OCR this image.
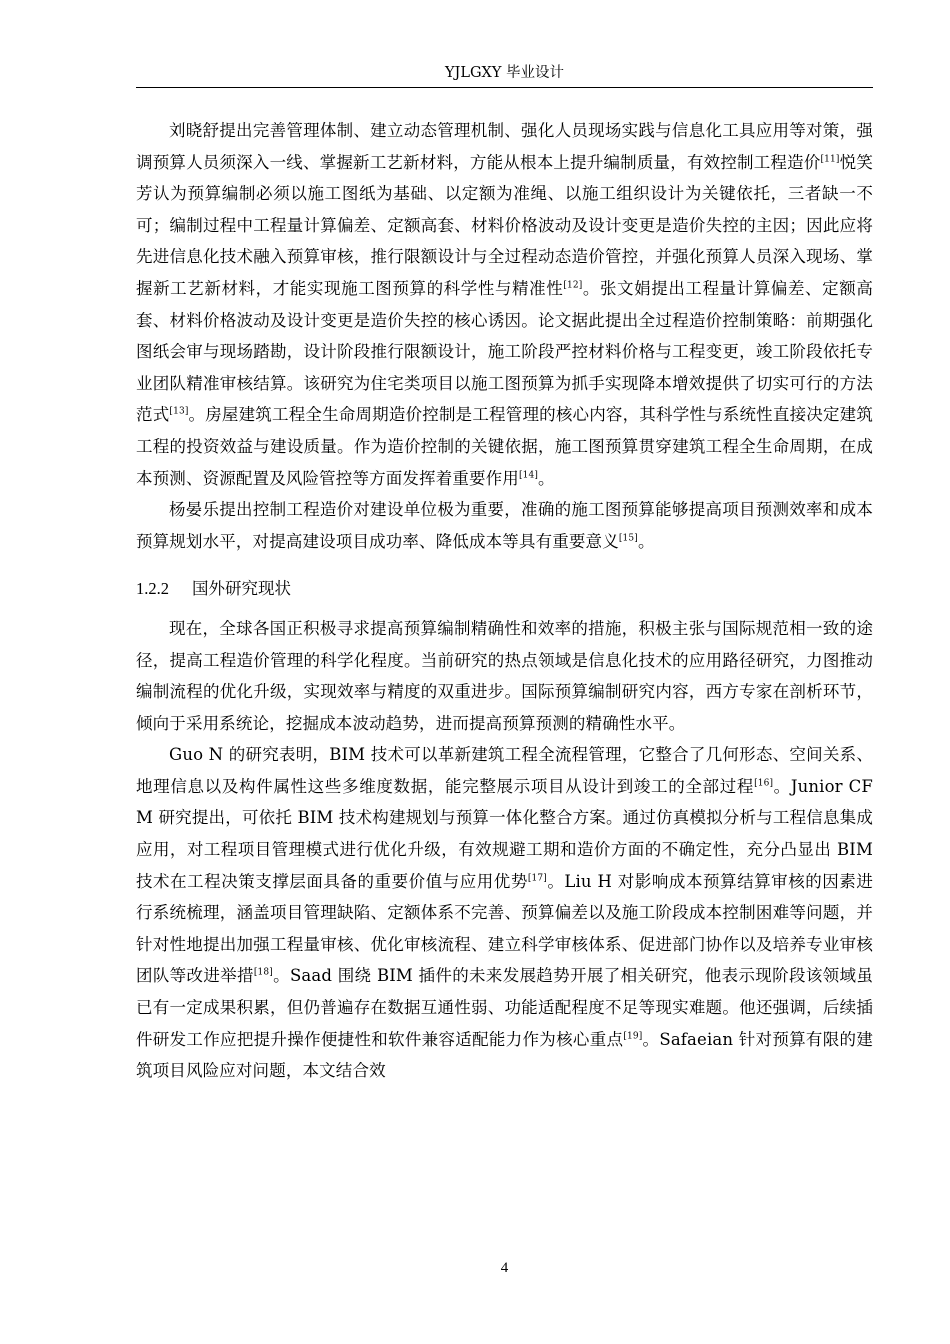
YJLGXY 毕业设计

刘晓舒提出完善管理体制、建立动态管理机制、强化人员现场实践与信息化工具应用等对策，强调预算人员须深入一线、掌握新工艺新材料，方能从根本上提升编制质量，有效控制工程造价[11]悦笑芳认为预算编制必须以施工图纸为基础、以定额为准绳、以施工组织设计为关键依托，三者缺一不可；编制过程中工程量计算偏差、定额高套、材料价格波动及设计变更是造价失控的主因；因此应将先进信息化技术融入预算审核，推行限额设计与全过程动态造价管控，并强化预算人员深入现场、掌握新工艺新材料，才能实现施工图预算的科学性与精准性[12]。张文娟提出工程量计算偏差、定额高套、材料价格波动及设计变更是造价失控的核心诱因。论文据此提出全过程造价控制策略：前期强化图纸会审与现场踏勘，设计阶段推行限额设计，施工阶段严控材料价格与工程变更，竣工阶段依托专业团队精准审核结算。该研究为住宅类项目以施工图预算为抓手实现降本增效提供了切实可行的方法范式[13]。房屋建筑工程全生命周期造价控制是工程管理的核心内容，其科学性与系统性直接决定建筑工程的投资效益与建设质量。作为造价控制的关键依据，施工图预算贯穿建筑工程全生命周期，在成本预测、资源配置及风险管控等方面发挥着重要作用[14]。

杨晏乐提出控制工程造价对建设单位极为重要，准确的施工图预算能够提高项目预测效率和成本预算规划水平，对提高建设项目成功率、降低成本等具有重要意义[15]。

1.2.2 国外研究现状

现在，全球各国正积极寻求提高预算编制精确性和效率的措施，积极主张与国际规范相一致的途径，提高工程造价管理的科学化程度。当前研究的热点领域是信息化技术的应用路径研究，力图推动编制流程的优化升级，实现效率与精度的双重进步。国际预算编制研究内容，西方专家在剖析环节，倾向于采用系统论，挖掘成本波动趋势，进而提高预算预测的精确性水平。

Guo N 的研究表明，BIM 技术可以革新建筑工程全流程管理，它整合了几何形态、空间关系、地理信息以及构件属性这些多维度数据，能完整展示项目从设计到竣工的全部过程[16]。Junior CF M 研究提出，可依托 BIM 技术构建规划与预算一体化整合方案。通过仿真模拟分析与工程信息集成应用，对工程项目管理模式进行优化升级，有效规避工期和造价方面的不确定性，充分凸显出 BIM 技术在工程决策支撑层面具备的重要价值与应用优势[17]。Liu H 对影响成本预算结算审核的因素进行系统梳理，涵盖项目管理缺陷、定额体系不完善、预算偏差以及施工阶段成本控制困难等问题，并针对性地提出加强工程量审核、优化审核流程、建立科学审核体系、促进部门协作以及培养专业审核团队等改进举措[18]。Saad 围绕 BIM 插件的未来发展趋势开展了相关研究，他表示现阶段该领域虽已有一定成果积累，但仍普遍存在数据互通性弱、功能适配程度不足等现实难题。他还强调，后续插件研发工作应把提升操作便捷性和软件兼容适配能力作为核心重点[19]。Safaeian 针对预算有限的建筑项目风险应对问题，本文结合效

4
